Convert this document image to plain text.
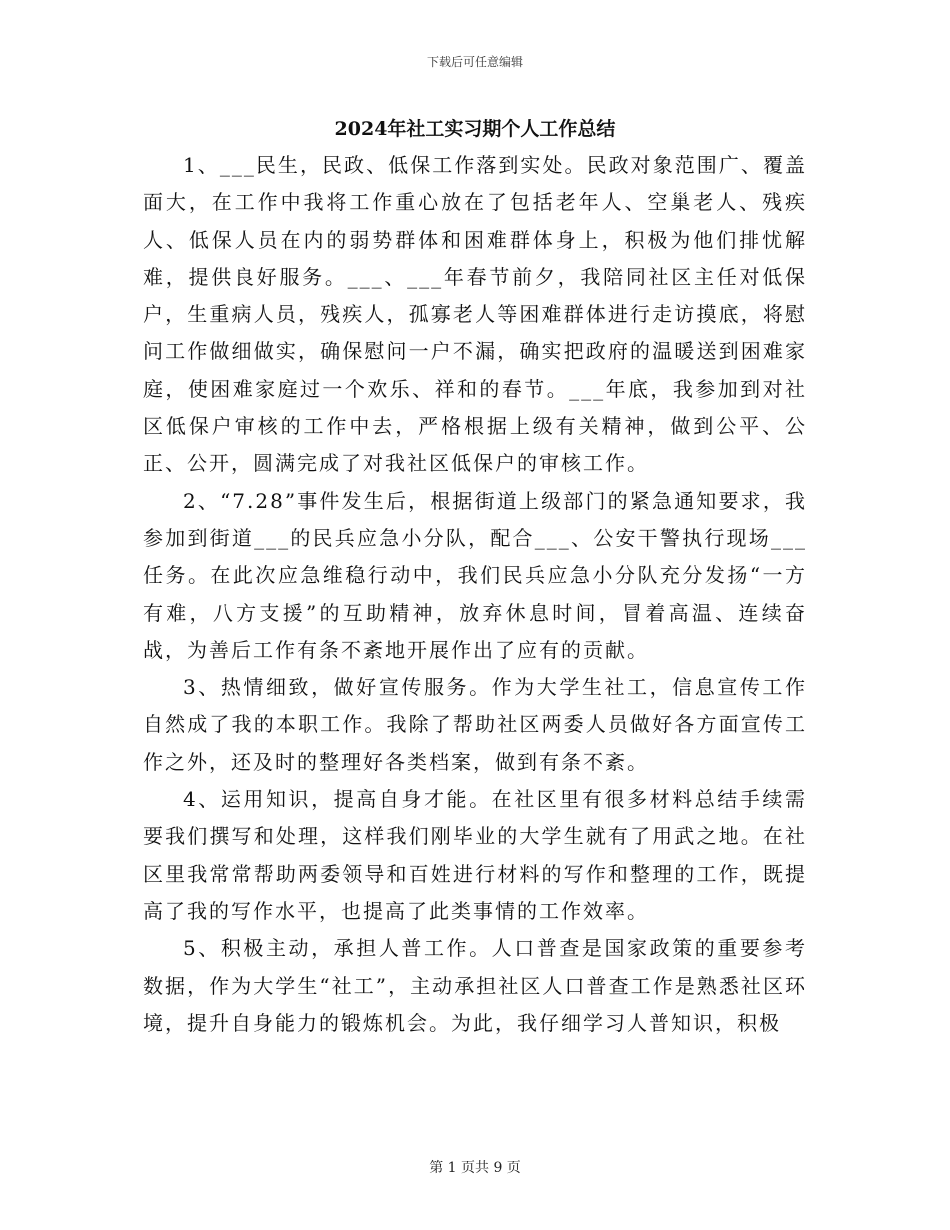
下载后可任意编辑
2024年社工实习期个人工作总结

1、___民生，民政、低保工作落到实处。民政对象范围广、覆盖面大，在工作中我将工作重心放在了包括老年人、空巢老人、残疾人、低保人员在内的弱势群体和困难群体身上，积极为他们排忧解难，提供良好服务。___、___年春节前夕，我陪同社区主任对低保户，生重病人员，残疾人，孤寡老人等困难群体进行走访摸底，将慰问工作做细做实，确保慰问一户不漏，确实把政府的温暖送到困难家庭，使困难家庭过一个欢乐、祥和的春节。___年底，我参加到对社区低保户审核的工作中去，严格根据上级有关精神，做到公平、公正、公开，圆满完成了对我社区低保户的审核工作。

2、“7.28”事件发生后，根据街道上级部门的紧急通知要求，我参加到街道___的民兵应急小分队，配合___、公安干警执行现场___任务。在此次应急维稳行动中，我们民兵应急小分队充分发扬“一方有难，八方支援”的互助精神，放弃休息时间，冒着高温、连续奋战，为善后工作有条不紊地开展作出了应有的贡献。

3、热情细致，做好宣传服务。作为大学生社工，信息宣传工作自然成了我的本职工作。我除了帮助社区两委人员做好各方面宣传工作之外，还及时的整理好各类档案，做到有条不紊。

4、运用知识，提高自身才能。在社区里有很多材料总结手续需要我们撰写和处理，这样我们刚毕业的大学生就有了用武之地。在社区里我常常帮助两委领导和百姓进行材料的写作和整理的工作，既提高了我的写作水平，也提高了此类事情的工作效率。

5、积极主动，承担人普工作。人口普查是国家政策的重要参考数据，作为大学生“社工”，主动承担社区人口普查工作是熟悉社区环境，提升自身能力的锻炼机会。为此，我仔细学习人普知识，积极

第 1 页共 9 页
